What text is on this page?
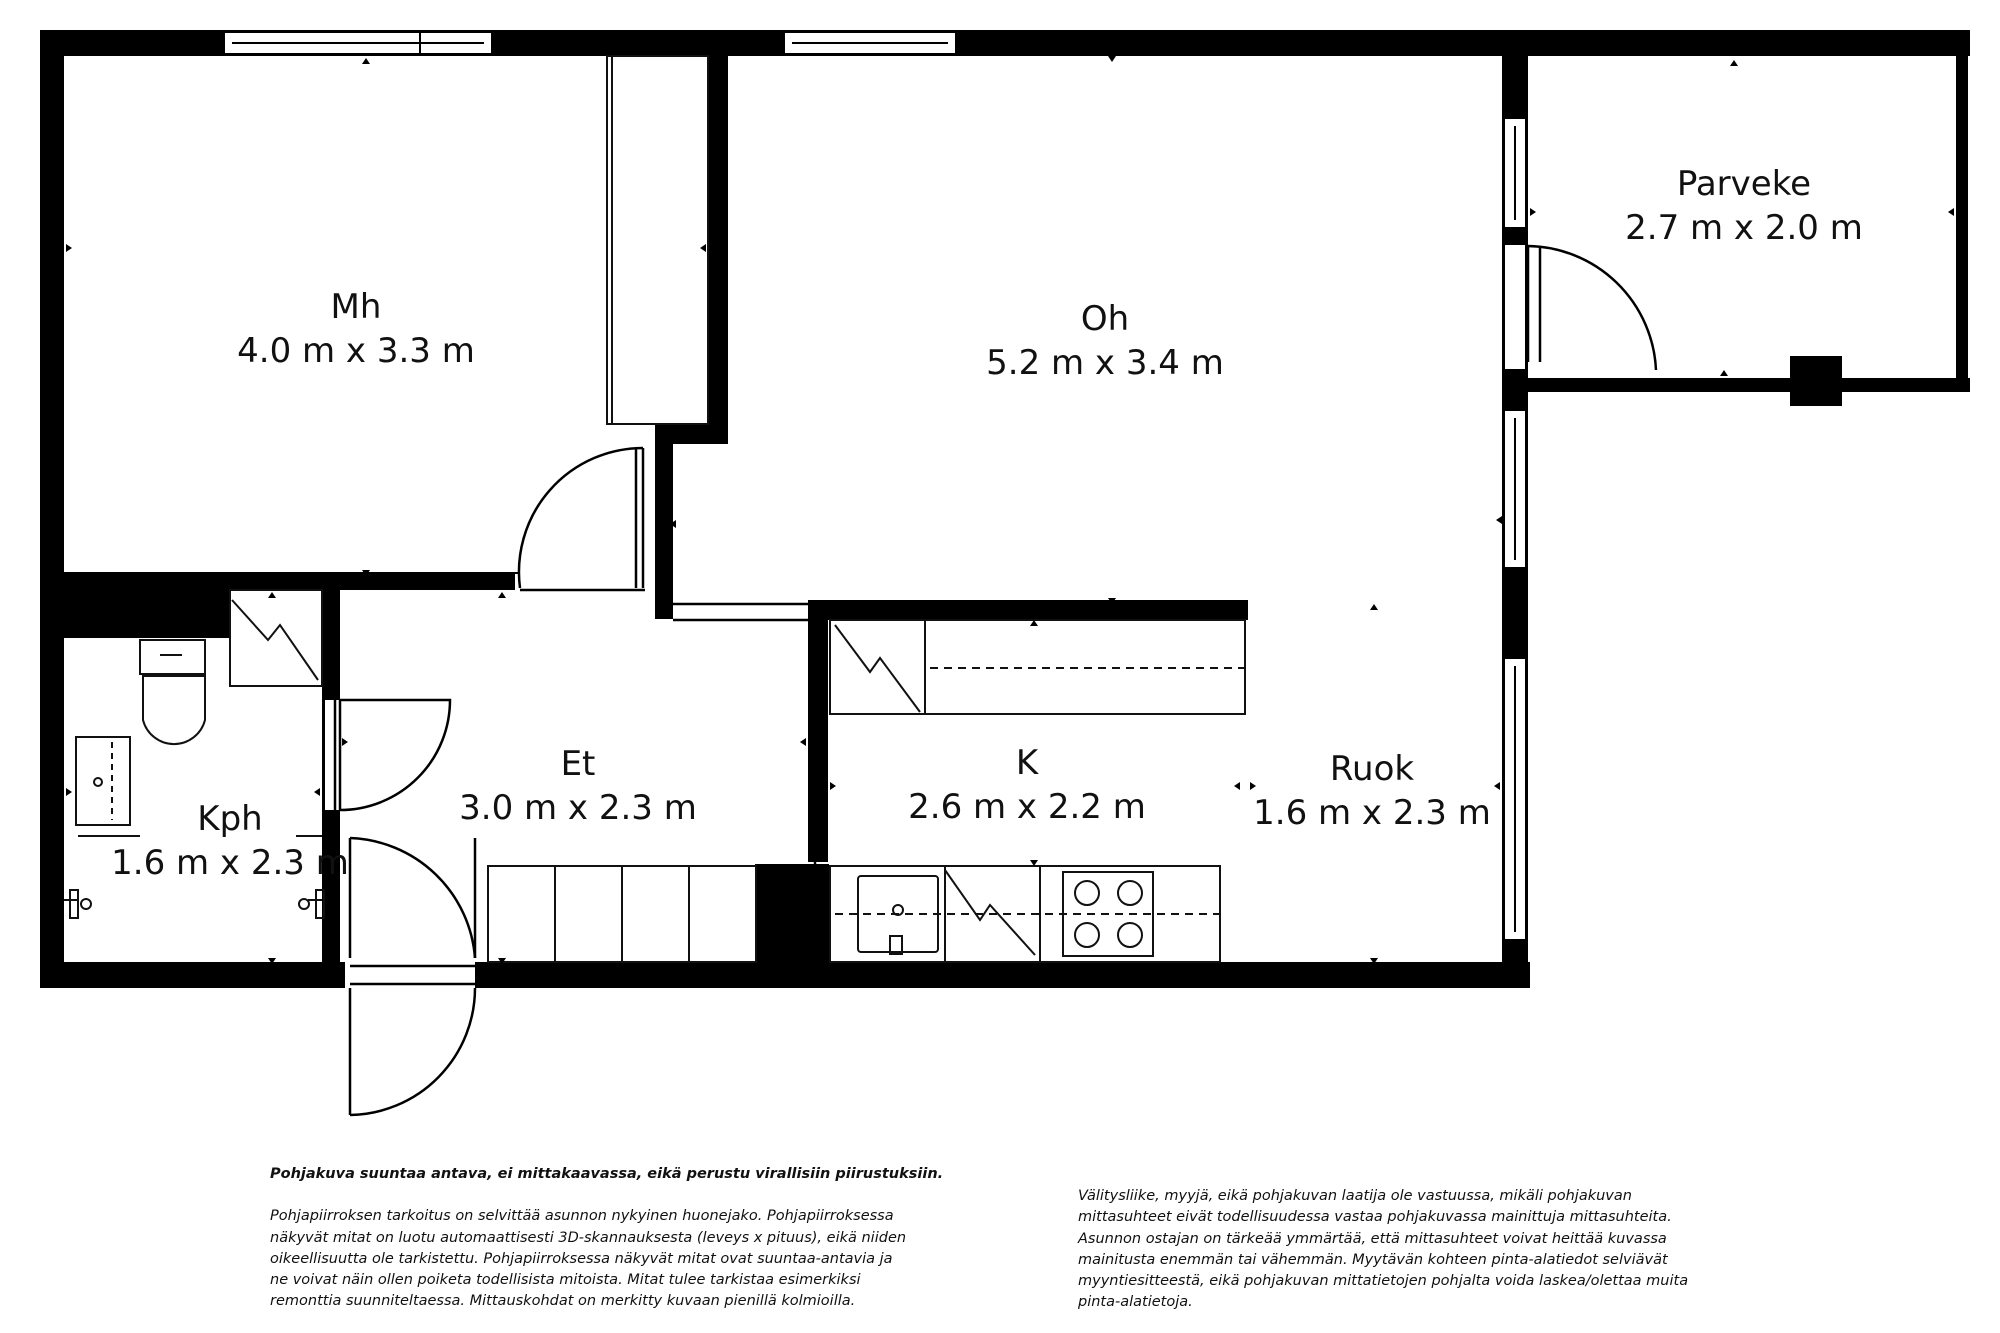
Mh
4.0 m x 3.3 m
Oh
5.2 m x 3.4 m
Parveke
2.7 m x 2.0 m
Et
3.0 m x 2.3 m
K
2.6 m x 2.2 m
Ruok
1.6 m x 2.3 m
Kph
1.6 m x 2.3 m

Pohjakuva suuntaa antava, ei mittakaavassa, eikä perustu virallisiin piirustuksiin.

Pohjapiirroksen tarkoitus on selvittää asunnon nykyinen huonejako. Pohjapiirroksessa

näkyvät mitat on luotu automaattisesti 3D-skannauksesta (leveys x pituus), eikä niiden

oikeellisuutta ole tarkistettu. Pohjapiirroksessa näkyvät mitat ovat suuntaa-antavia ja

ne voivat näin ollen poiketa todellisista mitoista. Mitat tulee tarkistaa esimerkiksi

remonttia suunniteltaessa. Mittauskohdat on merkitty kuvaan pienillä kolmioilla.

Välitysliike, myyjä, eikä pohjakuvan laatija ole vastuussa, mikäli pohjakuvan

mittasuhteet eivät todellisuudessa vastaa pohjakuvassa mainittuja mittasuhteita.

Asunnon ostajan on tärkeää ymmärtää, että mittasuhteet voivat heittää kuvassa

mainitusta enemmän tai vähemmän. Myytävän kohteen pinta-alatiedot selviävät

myyntiesitteestä, eikä pohjakuvan mittatietojen pohjalta voida laskea/olettaa muita

pinta-alatietoja.
